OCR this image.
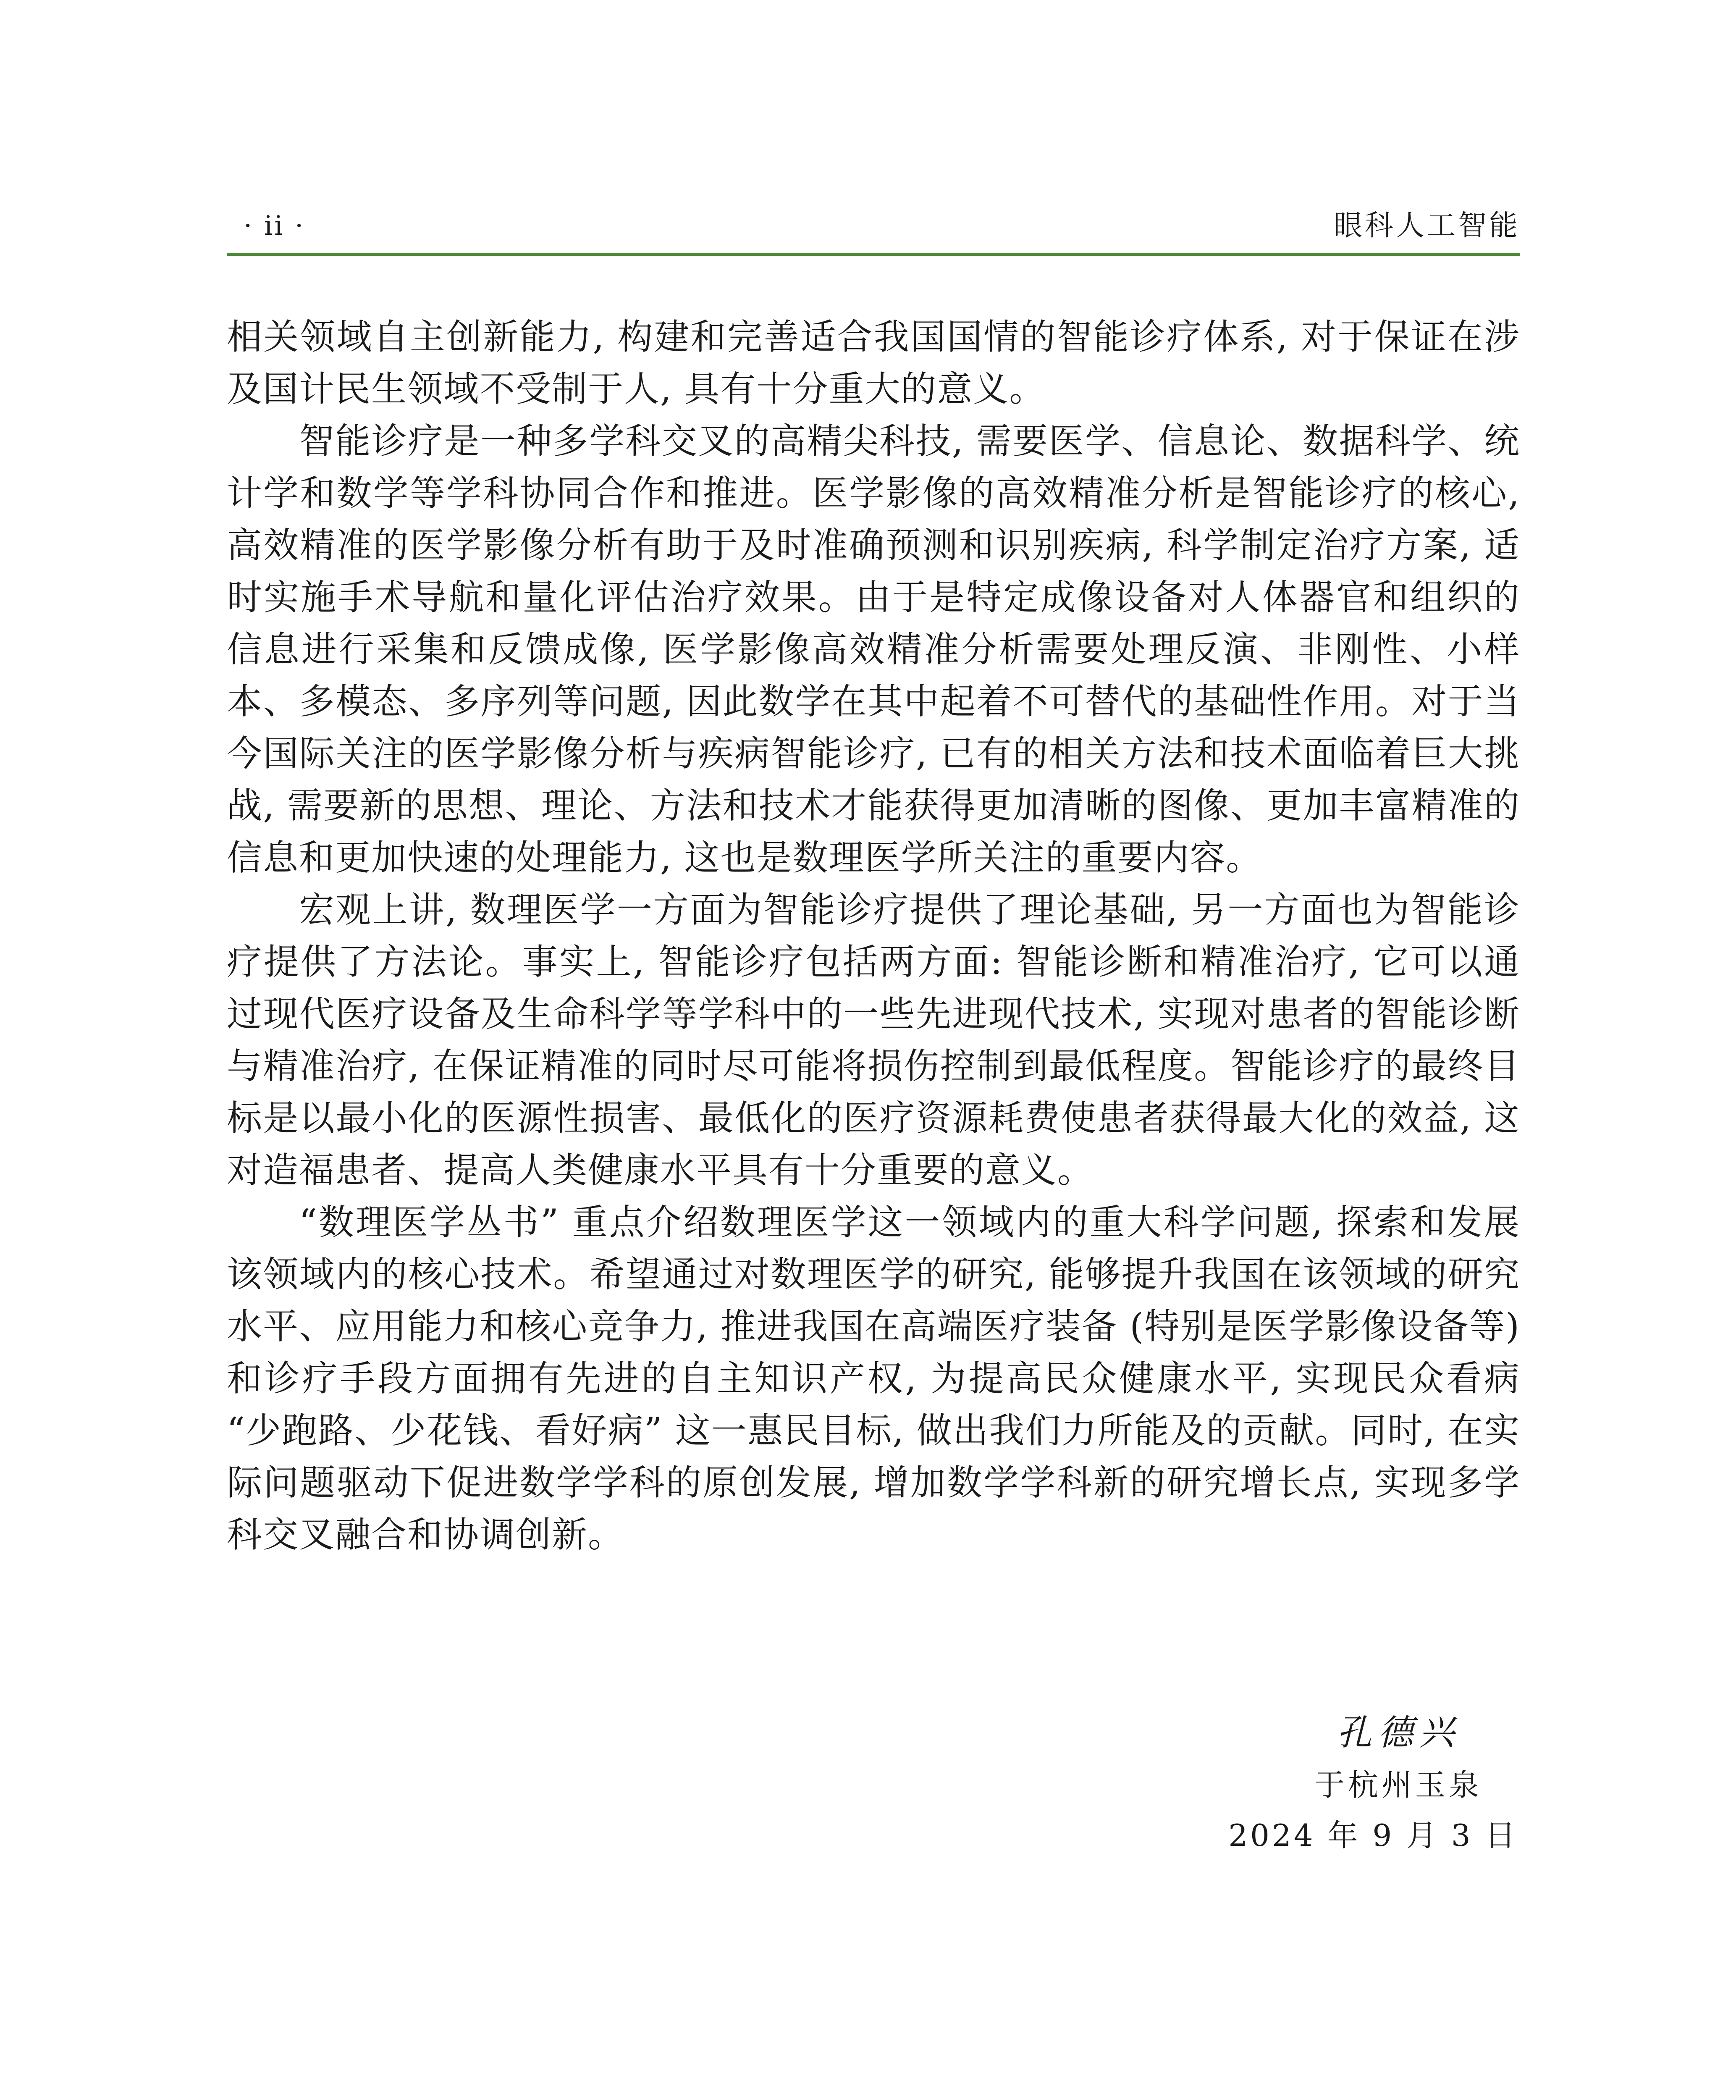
· ii ·	眼科人工智能

相关领域自主创新能力, 构建和完善适合我国国情的智能诊疗体系, 对于保证在涉及国计民生领域不受制于人, 具有十分重大的意义。

智能诊疗是一种多学科交叉的高精尖科技, 需要医学、信息论、数据科学、统计学和数学等学科协同合作和推进。医学影像的高效精准分析是智能诊疗的核心, 高效精准的医学影像分析有助于及时准确预测和识别疾病, 科学制定治疗方案, 适时实施手术导航和量化评估治疗效果。由于是特定成像设备对人体器官和组织的信息进行采集和反馈成像, 医学影像高效精准分析需要处理反演、非刚性、小样本、多模态、多序列等问题, 因此数学在其中起着不可替代的基础性作用。对于当今国际关注的医学影像分析与疾病智能诊疗, 已有的相关方法和技术面临着巨大挑战, 需要新的思想、理论、方法和技术才能获得更加清晰的图像、更加丰富精准的信息和更加快速的处理能力, 这也是数理医学所关注的重要内容。

宏观上讲, 数理医学一方面为智能诊疗提供了理论基础, 另一方面也为智能诊疗提供了方法论。事实上, 智能诊疗包括两方面: 智能诊断和精准治疗, 它可以通过现代医疗设备及生命科学等学科中的一些先进现代技术, 实现对患者的智能诊断与精准治疗, 在保证精准的同时尽可能将损伤控制到最低程度。智能诊疗的最终目标是以最小化的医源性损害、最低化的医疗资源耗费使患者获得最大化的效益, 这对造福患者、提高人类健康水平具有十分重要的意义。

“数理医学丛书” 重点介绍数理医学这一领域内的重大科学问题, 探索和发展该领域内的核心技术。希望通过对数理医学的研究, 能够提升我国在该领域的研究水平、应用能力和核心竞争力, 推进我国在高端医疗装备 (特别是医学影像设备等) 和诊疗手段方面拥有先进的自主知识产权, 为提高民众健康水平, 实现民众看病 “少跑路、少花钱、看好病” 这一惠民目标, 做出我们力所能及的贡献。同时, 在实际问题驱动下促进数学学科的原创发展, 增加数学学科新的研究增长点, 实现多学科交叉融合和协调创新。

孔德兴
于杭州玉泉
2024 年 9 月 3 日
